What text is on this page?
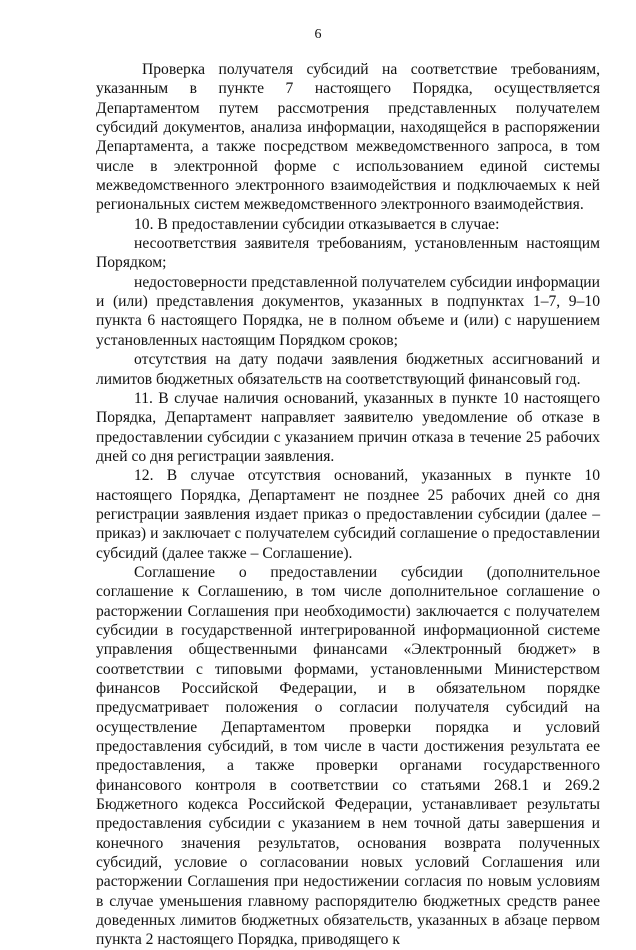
6

Проверка получателя субсидий на соответствие требованиям, указанным в пункте 7 настоящего Порядка, осуществляется Департаментом путем рассмотрения представленных получателем субсидий документов, анализа информации, находящейся в распоряжении Департамента, а также посредством межведомственного запроса, в том числе в электронной форме с использованием единой системы межведомственного электронного взаимодействия и подключаемых к ней региональных систем межведомственного электронного взаимодействия.

10. В предоставлении субсидии отказывается в случае:

несоответствия заявителя требованиям, установленным настоящим Порядком;

недостоверности представленной получателем субсидии информации и (или) представления документов, указанных в подпунктах 1–7, 9–10 пункта 6 настоящего Порядка, не в полном объеме и (или) с нарушением установленных настоящим Порядком сроков;

отсутствия на дату подачи заявления бюджетных ассигнований и лимитов бюджетных обязательств на соответствующий финансовый год.

11. В случае наличия оснований, указанных в пункте 10 настоящего Порядка, Департамент направляет заявителю уведомление об отказе в предоставлении субсидии с указанием причин отказа в течение 25 рабочих дней со дня регистрации заявления.

12. В случае отсутствия оснований, указанных в пункте 10 настоящего Порядка, Департамент не позднее 25 рабочих дней со дня регистрации заявления издает приказ о предоставлении субсидии (далее – приказ) и заключает с получателем субсидий соглашение о предоставлении субсидий (далее также – Соглашение).

Соглашение о предоставлении субсидии (дополнительное соглашение к Соглашению, в том числе дополнительное соглашение о расторжении Соглашения при необходимости) заключается с получателем субсидии в государственной интегрированной информационной системе управления общественными финансами «Электронный бюджет» в соответствии с типовыми формами, установленными Министерством финансов Российской Федерации, и в обязательном порядке предусматривает положения о согласии получателя субсидий на осуществление Департаментом проверки порядка и условий предоставления субсидий, в том числе в части достижения результата ее предоставления, а также проверки органами государственного финансового контроля в соответствии со статьями 268.1 и 269.2 Бюджетного кодекса Российской Федерации, устанавливает результаты предоставления субсидии с указанием в нем точной даты завершения и конечного значения результатов, основания возврата полученных субсидий, условие о согласовании новых условий Соглашения или расторжении Соглашения при недостижении согласия по новым условиям в случае уменьшения главному распорядителю бюджетных средств ранее доведенных лимитов бюджетных обязательств, указанных в абзаце первом пункта 2 настоящего Порядка, приводящего к
